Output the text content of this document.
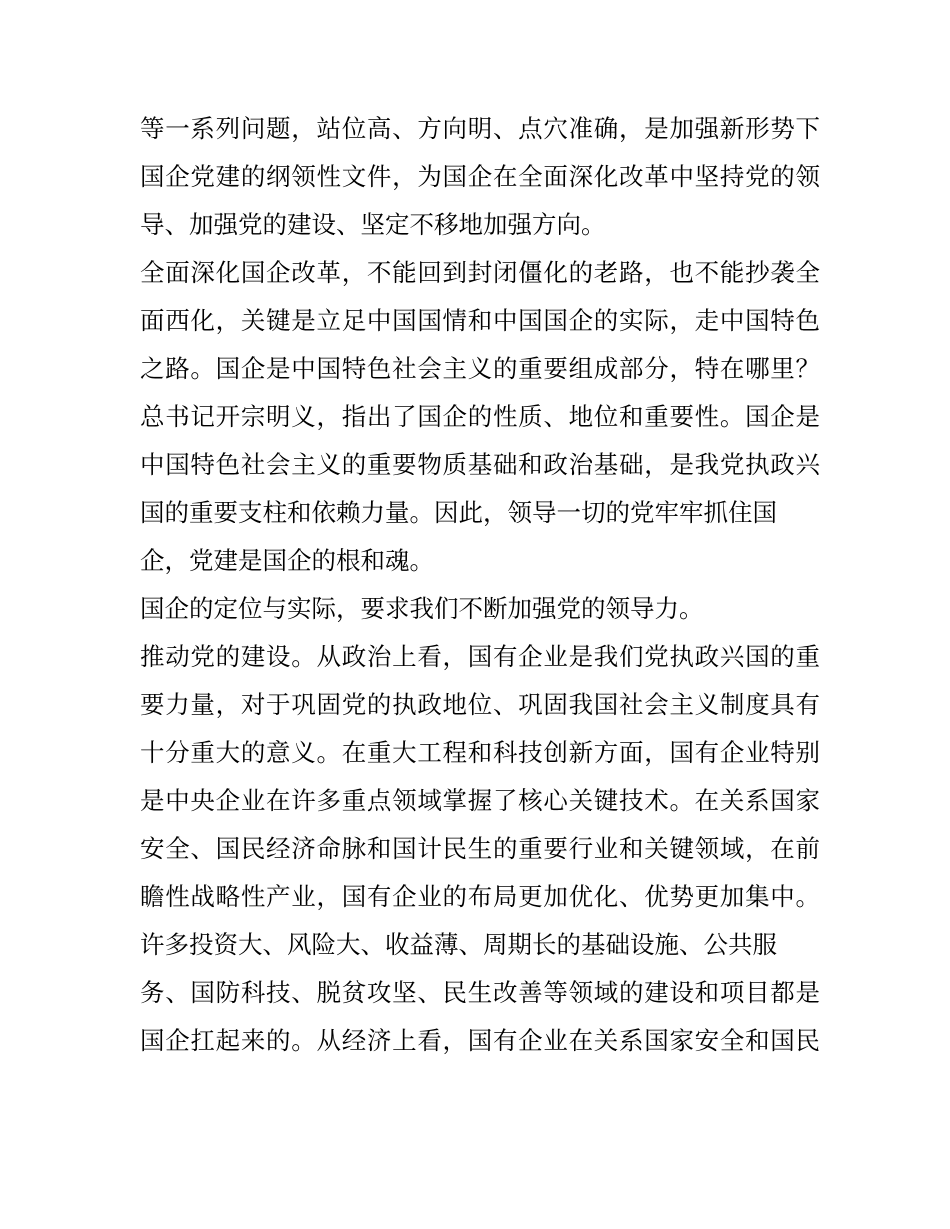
等一系列问题，站位高、方向明、点穴准确，是加强新形势下
国企党建的纲领性文件，为国企在全面深化改革中坚持党的领
导、加强党的建设、坚定不移地加强方向。
全面深化国企改革，不能回到封闭僵化的老路，也不能抄袭全
面西化，关键是立足中国国情和中国国企的实际，走中国特色
之路。国企是中国特色社会主义的重要组成部分，特在哪里？
总书记开宗明义，指出了国企的性质、地位和重要性。国企是
中国特色社会主义的重要物质基础和政治基础，是我党执政兴
国的重要支柱和依赖力量。因此，领导一切的党牢牢抓住国
企，党建是国企的根和魂。
国企的定位与实际，要求我们不断加强党的领导力。
推动党的建设。从政治上看，国有企业是我们党执政兴国的重
要力量，对于巩固党的执政地位、巩固我国社会主义制度具有
十分重大的意义。在重大工程和科技创新方面，国有企业特别
是中央企业在许多重点领域掌握了核心关键技术。在关系国家
安全、国民经济命脉和国计民生的重要行业和关键领域，在前
瞻性战略性产业，国有企业的布局更加优化、优势更加集中。
许多投资大、风险大、收益薄、周期长的基础设施、公共服
务、国防科技、脱贫攻坚、民生改善等领域的建设和项目都是
国企扛起来的。从经济上看，国有企业在关系国家安全和国民
